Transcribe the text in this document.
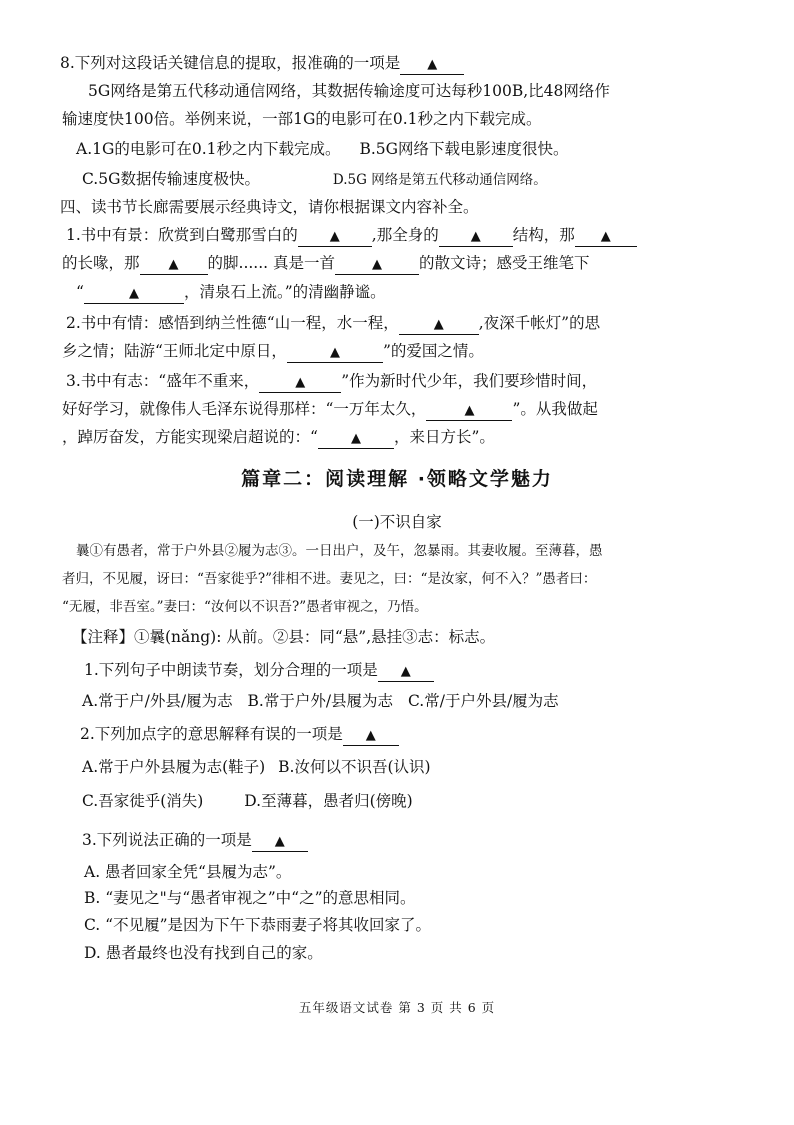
8.下列对这段话关键信息的提取，报准确的一项是 ▲
5G网络是第五代移动通信网络，其数据传输途度可达每秒100B,比48网络作
输速度快100倍。举例来说，一部1G的电影可在0.1秒之内下载完成。
A.1G的电影可在0.1秒之内下载完成。 B.5G网络下载电影速度很快。
C.5G数据传输速度极快。	D.5G 网络是第五代移动通信网络。
四、读书节长廊需要展示经典诗文，请你根据课文内容补全。
1.书中有景：欣赏到白鹭那雪白的 ▲ ,那全身的 ▲ 结构，那 ▲
的长喙，那 ▲ 的脚...... 真是一首	▲ 的散文诗；感受王维笔下
“	▲	，清泉石上流。”的清幽静谧。
2.书中有情：感悟到纳兰性德“山一程，水一程，	▲ ,夜深千帐灯”的思
乡之情；陆游“王师北定中原日，	▲	”的爱国之情。
3.书中有志：“盛年不重来，	▲ ”作为新时代少年，我们要珍惜时间，
好好学习，就像伟人毛泽东说得那样：“一万年太久，	▲ ”。从我做起
，踔厉奋发，方能实现梁启超说的：“	▲ ，来日方长”。
篇章二：阅读理解 ·领略文学魅力
(一)不识自家
曩①有愚者，常于户外县②履为志③。一日出户，及午，忽暴雨。其妻收履。至薄暮，愚
者归，不见履，讶曰：“吾家徙乎?”徘相不进。妻见之，曰：“是汝家，何不入？”愚者曰：
“无履，非吾室。”妻曰：“汝何以不识吾?”愚者审视之，乃悟。
【注释】①曩(nǎng): 从前。②县：同“悬”,悬挂③志：标志。
1.下列句子中朗读节奏，划分合理的一项是 ▲
A.常于户/外县/履为志 B.常于户外/县履为志 C.常/于户外县/履为志
2.下列加点字的意思解释有误的一项是 ▲
A.常于户外县履为志(鞋子) B.汝何以不识吾(认识)
C.吾家徙乎(消失)	D.至薄暮，愚者归(傍晚)
3.下列说法正确的一项是 ▲
A. 愚者回家全凭“县履为志”。
B. “妻见之"与“愚者审视之”中“之”的意思相同。
C. “不见履”是因为下午下恭雨妻子将其收回家了。
D. 愚者最终也没有找到自己的家。
五年级语文试卷 第 3 页 共 6 页
